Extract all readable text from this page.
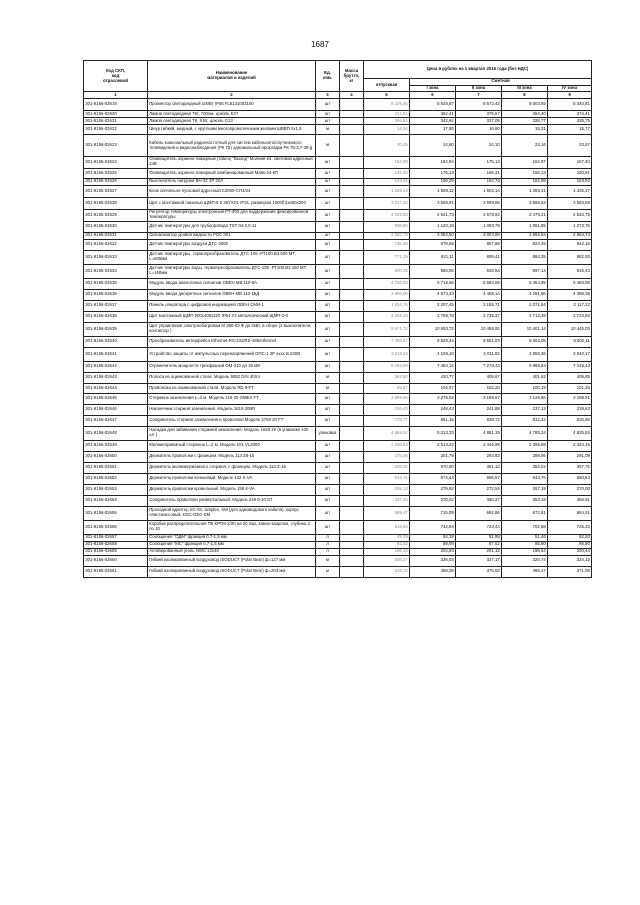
1687
Код СКП,
код
отраслевой	Наименование
материалов и изделий	Ед.
изм.	Масса
брутто,
кг	Цена в рублях на 1 квартал 2016 года (без НДС)				
				отпускная	Сметная			
					I зона	II зона	III зона	IV зона
1	2	3	4	5	6	7	8	9
301-8156-02619	Прожектор светодиодный 100Вт IP65 FL6131003100	шт		8 226,46	8 548,87	8 572,42	8 503,55	8 340,81
301-8156-02620	Лампа светодиодная 79т, 700лм, цоколь Е27	шт		341,81	362,41	375,67	364,40	374,41
301-8156-02621	Лампа светодиодная Т8, 9 Вт, цоколь G13	шт		306,51	342,92	337,05	328,77	335,75
301-8156-02622	Шнур гибкий, медный, с круглыми многопроволочными жилами ШВВП 2х1,5	м		14,94	17,56	16,60	15,31	15,77
301-8156-02623	Кабель коаксиальный радиочастотный для систем кабельного/спутникового телевидения и видеонаблюдения (РК 75) одножильный прокладки РК 75-3,7-35-g	м		20,45	24,60	24,10	23,16	23,67
301-8156-02624	Оповещатель охранно-пожарный (табло) "Выход" Молния-24, световой адресный 24В	шт		152,99	184,94	175,13	162,97	167,40
301-8156-02625	Оповещатель охранно-пожарный комбинированный Маяк-24-КП	шт		145,32	176,13	166,31	156,13	160,81
301-8156-02626	Выключатель нагрузки ВН-32 2Р 20А	шт		133,32	156,29	154,74	152,98	153,93
301-8156-02627	Блок сигнально-пусковой адресный С2000-СП4/24	шт		1 268,14	1 599,12	1 502,14	1 393,31	1 435,27
301-8156-02628	Щит с монтажной панелью ЩМП-5-0 36УХЛ1 IP31, размером 1000(h)х650х300	шт		3 217,22	3 668,91	3 599,65	3 568,53	3 583,59
301-8156-02629	Регулятор температуры электронный РТ-300 для поддержания фиксированной температуры	шт		2 195,60	2 641,73	2 578,92	2 479,21	2 533,75
301-8156-02630	Датчик температуры для трубопровода TST 04-2,0-11	шт		938,86	1 120,18	1 093,79	1 051,85	1 073,76
301-8156-02631	Сигнализатор уровня жидкости РОС 301	шт		2 580,79	3 082,50	3 003,89	2 892,54	2 954,74
301-8156-02632	Датчик температуры воздуха ДТС-3005	шт		735,59	878,59	857,89	824,45	842,18
301-8156-02633	Датчик температуры, термопреобразователь ДТС-105 -РТ100.В3.500 МТ, L=500мм	шт		771,19	921,11	899,41	864,35	882,93
301-8156-02634	Датчик температуры воды, термопреобразователь ДТС-105 -РТ100.В3.160 МТ, L=160мм	шт		800,45	956,06	933,54	897,14	916,43
301-8156-02635	Модуль ввода аналоговых сигналов ОВЕН МВ 110-8А	шт		4 750,00	5 718,66	5 582,68	5 364,95	5 483,98
301-8156-02636	Модуль ввода дискретных сигналов ОВЕН МВ 110-16Д	шт		3 800,00	4 573,33	4 465,14	4 291,96	4 388,38
301-8156-02637	Панель оператора с цифровой индикацией ОВЕН СМИ-1	шт		1 834,76	2 207,45	2 155,71	2 071,64	2 117,22
301-8156-02638	Щит монтажный ЩМП 500х400х220 IP54 У2 металлический ЩМП-2-0	шт		2 445,43	2 768,78	2 735,37	2 712,48	2 723,93
301-8156-02639	Щит управления электрообогревом М 380-03 Ф до 3кВт, в сборе (2 выключателя, контактор )	шт		9 571,72	10 693,72	10 458,92	10 401,14	10 445,03
301-8156-02640	Преобразователь интерфейса Ethernet-RS-232/RS-485/ethernet	шт		7 486,47	8 628,44	8 651,03	8 503,05	8 502,11
301-8156-02641	Устройство защиты от импульсных перенапряжений ОПС-1 3Р хххх В 230В	шт		3 413,44	4 108,10	4 011,82	3 855,36	3 940,17
301-8156-02642	Ограничитель мощности трехфазный ОМ-310 до 30 кВт	шт		6 193,68	7 454,14	7 278,43	6 995,53	7 149,44
301-8156-02643	Полоса из оцинкованной стали. Модель 5052 DIN 40Х4	м		363,50	420,77	409,67	401,62	405,85
301-8156-02644	Проволока из оцинкованной стали. Модель RD 8-FT	м		95,67	104,97	102,20	100,19	101,25
301-8156-02645	Стержень заземления L=2 м. Модель 219 20 OMEX FT	шт		2 985,65	3 276,02	3 189,67	3 126,86	3 159,91
301-8156-02646	Наконечник стержня заземления. Модель 1819 20BR	шт		226,43	248,43	241,88	237,13	239,63
301-8156-02647	Соединитель стержня заземления и проволоки Модель 2760 20 FT	шт		775,77	851,15	828,72	812,42	820,98
301-8156-02648	Насадка для забивания стержней заземления. Модель 1820 20 (в упаковке 100 шт )	упаковка		4 569,52	5 013,33	4 881,19	4 785,24	4 835,84
301-8156-02649	Молниеприемный стержень L=2 м. Модель 101 VL2000	шт		2 290,64	2 513,22	2 446,98	2 398,88	2 424,15
301-8156-02650	Держатель проволоки с фланцем. Модель 113 Z8-10	шт		275,05	301,79	293,83	288,06	291,09
301-8156-02651	Держатель молниеприемного стержня, с фланцем. Модель 113 Z-16	шт		338,05	370,90	361,12	354,02	357,75
301-8156-02652	Держатель проволоки коньковый. Модель 132 K-VA	шт		614,71	674,44	656,67	643,76	650,54
301-8156-02653	Держатель проволоки кровельный. Модель 159 К-VA	шт		255,13	279,92	272,54	267,19	270,00
301-8156-02654	Соединитель проволоки универсальный. Модель 249 8-10 ST	шт		337,25	370,02	360,27	353,19	356,91
301-8156-02655	Проходной адаптер SC-SC simplex, SM (для одномодового кабеля), корпус пластмассовый, DSC-DSC-SM	шт		589,47	715,09	692,86	672,81	684,51
301-8156-02656	Коробка распределительная ПК КРТМ-2/20 на 20 пар, замок-защелка, глубина 2 по 10	шт		615,54	742,54	723,44	702,68	725,22
301-8156-02657	Сообщения "ОДМ" фракция 0,7-1,5 мм	л		49,39	54,18	51,98	51,46	52,53
301-8156-02658	Сообщения "МС" фракция 0,7-1,5 мм	л		82,02	89,99	87,62	85,90	86,80
301-8156-02659	Активированный уголь NWC 12х40	л		186,14	204,93	201,12	198,54	200,44
301-8156-02660	Гибкий изолированный воздуховод ISODUCT (Polar Bear) ф=127 мм	м		306,27	336,03	327,17	320,74	324,12
301-8156-02661	Гибкий изолированный воздуховод ISODUCT (Polar Bear) ф=203 мм	м		418,14	458,39	475,52	466,17	471,08
